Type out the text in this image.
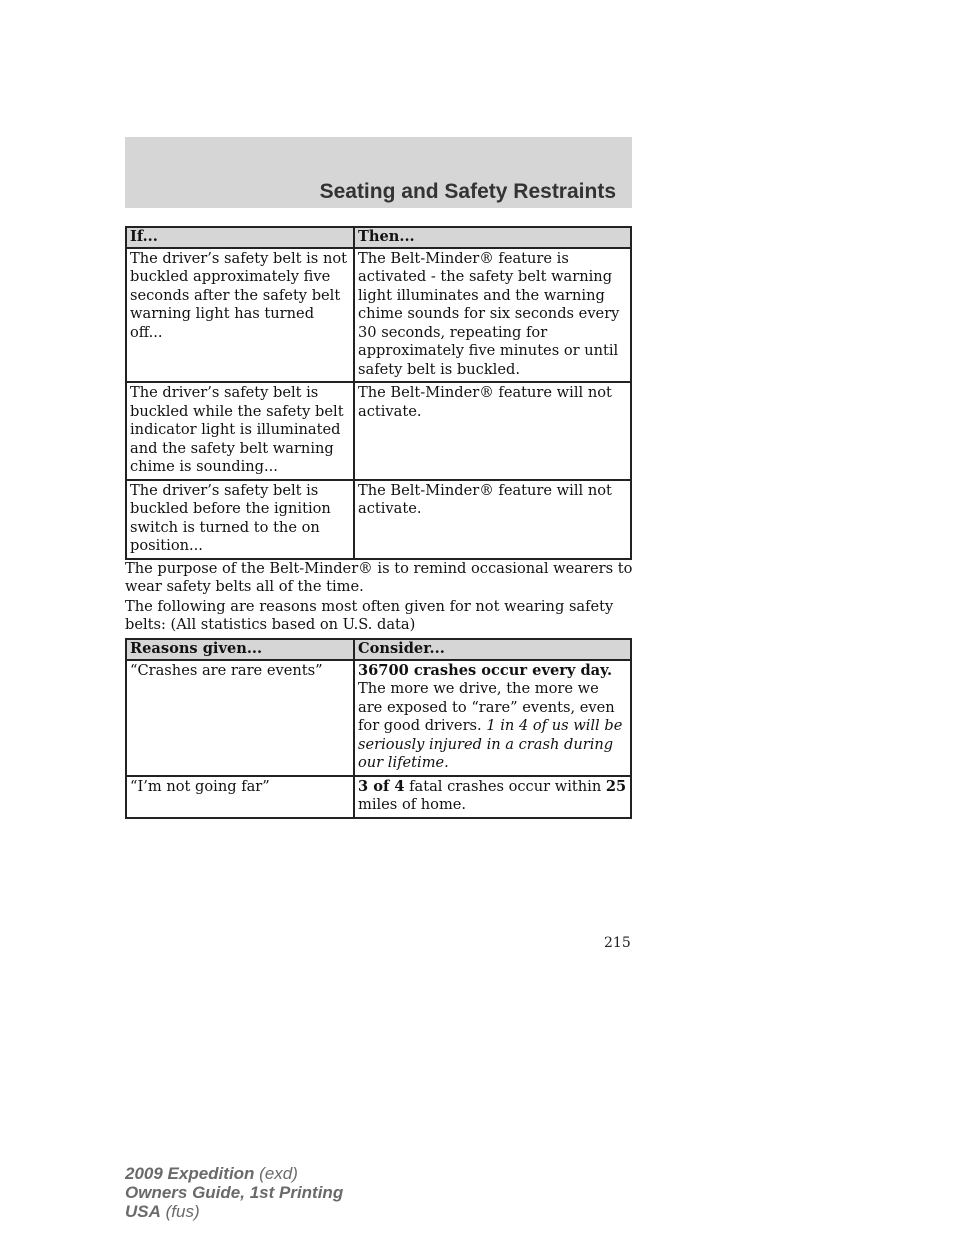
Seating and Safety Restraints
If...	Then...
The driver’s safety belt is not buckled approximately five seconds after the safety belt warning light has turned off...	The Belt-Minder® feature is activated - the safety belt warning light illuminates and the warning chime sounds for six seconds every 30 seconds, repeating for approximately five minutes or until safety belt is buckled.
The driver’s safety belt is buckled while the safety belt indicator light is illuminated and the safety belt warning chime is sounding...	The Belt-Minder® feature will not activate.
The driver’s safety belt is buckled before the ignition switch is turned to the on position...	The Belt-Minder® feature will not activate.

The purpose of the Belt-Minder® is to remind occasional wearers to wear safety belts all of the time.

The following are reasons most often given for not wearing safety belts: (All statistics based on U.S. data)

Reasons given...	Consider...
“Crashes are rare events”	36700 crashes occur every day. The more we drive, the more we are exposed to “rare” events, even for good drivers. 1 in 4 of us will be seriously injured in a crash during our lifetime.
“I’m not going far”	3 of 4 fatal crashes occur within 25 miles of home.
215
2009 Expedition (exd)
Owners Guide, 1st Printing
USA (fus)
